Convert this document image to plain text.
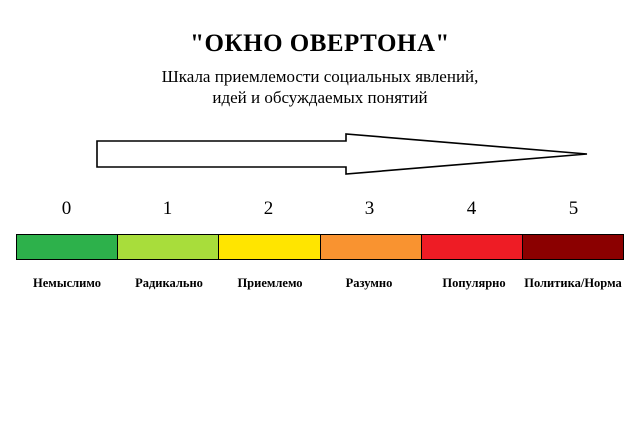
"ОКНО ОВЕРТОНА"
Шкала приемлемости социальных явлений,
идей и обсуждаемых понятий
0	1	2	3	4	5
Немыслимо	Радикально	Приемлемо	Разумно	Популярно	Политика/Норма
